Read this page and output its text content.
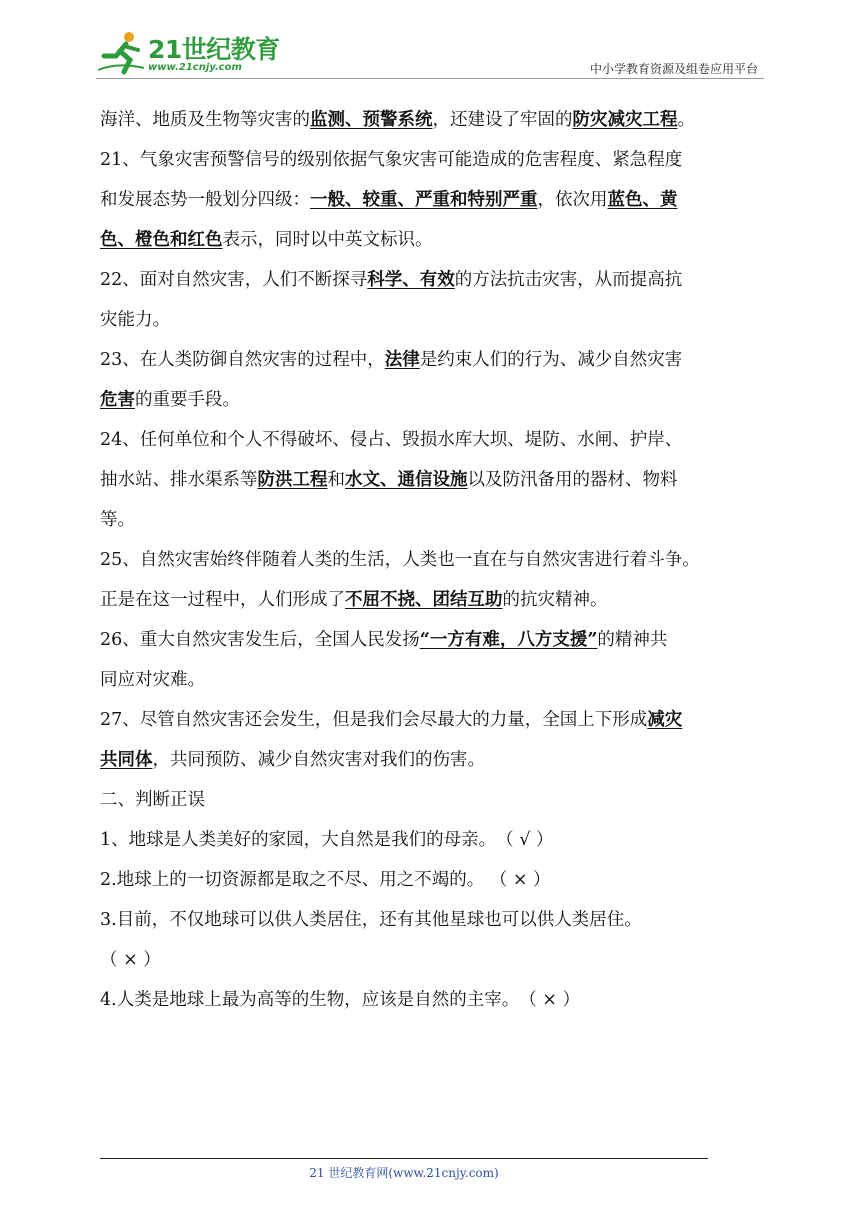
21世纪教育
www.21cnjy.com	中小学教育资源及组卷应用平台

海洋、地质及生物等灾害的监测、预警系统，还建设了牢固的防灾减灾工程。

21、气象灾害预警信号的级别依据气象灾害可能造成的危害程度、紧急程度

和发展态势一般划分四级：一般、较重、严重和特别严重，依次用蓝色、黄

色、橙色和红色表示，同时以中英文标识。

22、面对自然灾害，人们不断探寻科学、有效的方法抗击灾害，从而提高抗

灾能力。

23、在人类防御自然灾害的过程中，法律是约束人们的行为、减少自然灾害

危害的重要手段。

24、任何单位和个人不得破坏、侵占、毁损水库大坝、堤防、水闸、护岸、

抽水站、排水渠系等防洪工程和水文、通信设施以及防汛备用的器材、物料

等。

25、自然灾害始终伴随着人类的生活，人类也一直在与自然灾害进行着斗争。

正是在这一过程中，人们形成了不屈不挠、团结互助的抗灾精神。

26、重大自然灾害发生后，全国人民发扬“一方有难，八方支援”的精神共

同应对灾难。

27、尽管自然灾害还会发生，但是我们会尽最大的力量，全国上下形成减灾

共同体，共同预防、减少自然灾害对我们的伤害。

二、判断正误

1、地球是人类美好的家园，大自然是我们的母亲。　（ √ ）

2.地球上的一切资源都是取之不尽、用之不竭的。 （ × ）

3.目前，不仅地球可以供人类居住，还有其他星球也可以供人类居住。

（ × ）

4.人类是地球上最为高等的生物，应该是自然的主宰。　（ × ）

21 世纪教育网(www.21cnjy.com)
